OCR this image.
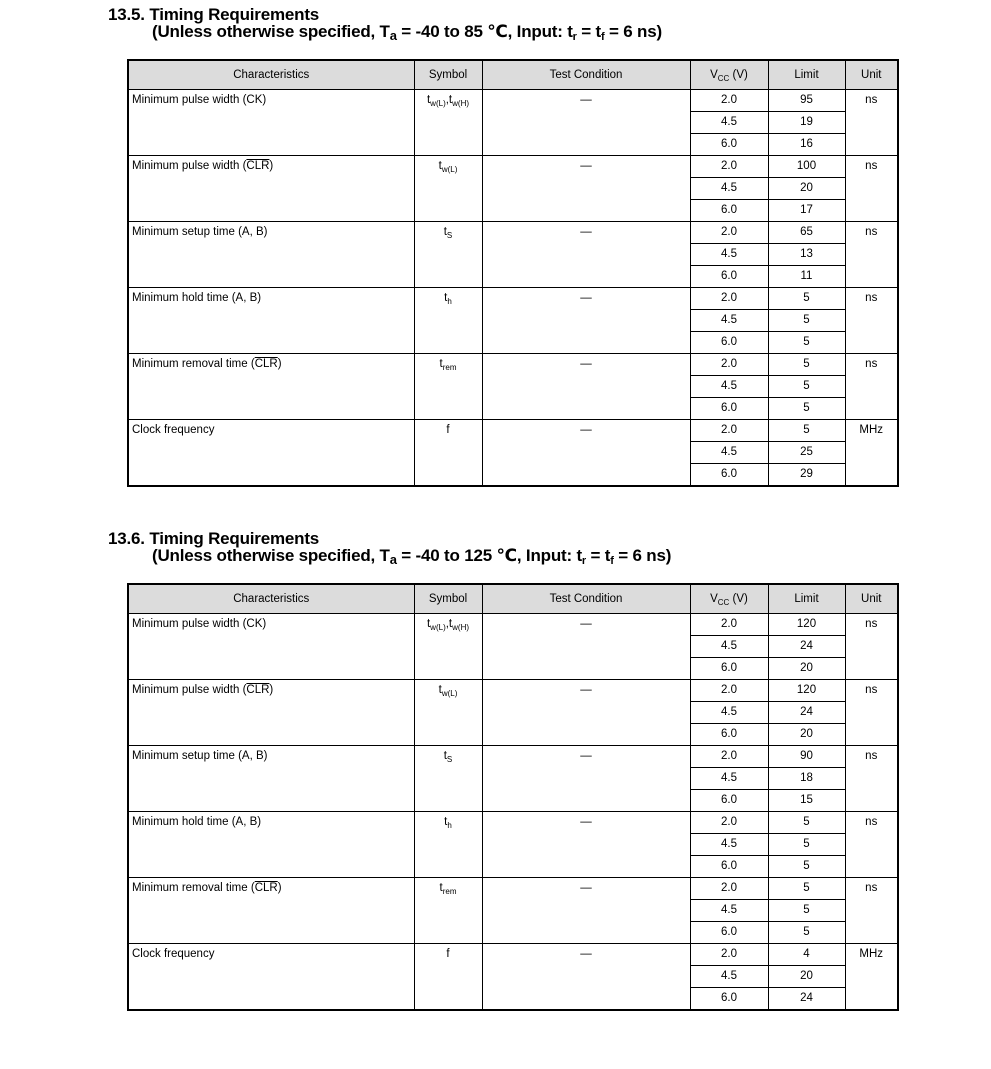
13.5. Timing Requirements
(Unless otherwise specified, $T_a = -40$ to 85 ℃, Input: $t_r = t_f = 6$ ns)
Characteristics	Symbol	Test Condition	$V_{CC}$ (V)	Limit	Unit
Minimum pulse width (CK)	$t_{w(L)},t_{w(H)}$	—	2.0	95	ns
			4.5	19	
			6.0	16	
Minimum pulse width $(\overline{CLR})$	$t_{w(L)}$	—	2.0	100	ns
			4.5	20	
			6.0	17	
Minimum setup time (A, B)	$t_S$	—	2.0	65	ns
			4.5	13	
			6.0	11	
Minimum hold time (A, B)	$t_h$	—	2.0	5	ns
			4.5	5	
			6.0	5	
Minimum removal time $(\overline{CLR})$	$t_{rem}$	—	2.0	5	ns
			4.5	5	
			6.0	5	
Clock frequency	f	—	2.0	5	MHz
			4.5	25	
			6.0	29	
13.6. Timing Requirements
(Unless otherwise specified, $T_a = -40$ to 125 ℃, Input: $t_r = t_f = 6$ ns)
Characteristics	Symbol	Test Condition	$V_{CC}$ (V)	Limit	Unit
Minimum pulse width (CK)	$t_{w(L)},t_{w(H)}$	—	2.0	120	ns
			4.5	24	
			6.0	20	
Minimum pulse width $(\overline{CLR})$	$t_{w(L)}$	—	2.0	120	ns
			4.5	24	
			6.0	20	
Minimum setup time (A, B)	$t_S$	—	2.0	90	ns
			4.5	18	
			6.0	15	
Minimum hold time (A, B)	$t_h$	—	2.0	5	ns
			4.5	5	
			6.0	5	
Minimum removal time $(\overline{CLR})$	$t_{rem}$	—	2.0	5	ns
			4.5	5	
			6.0	5	
Clock frequency	f	—	2.0	4	MHz
			4.5	20	
			6.0	24	
